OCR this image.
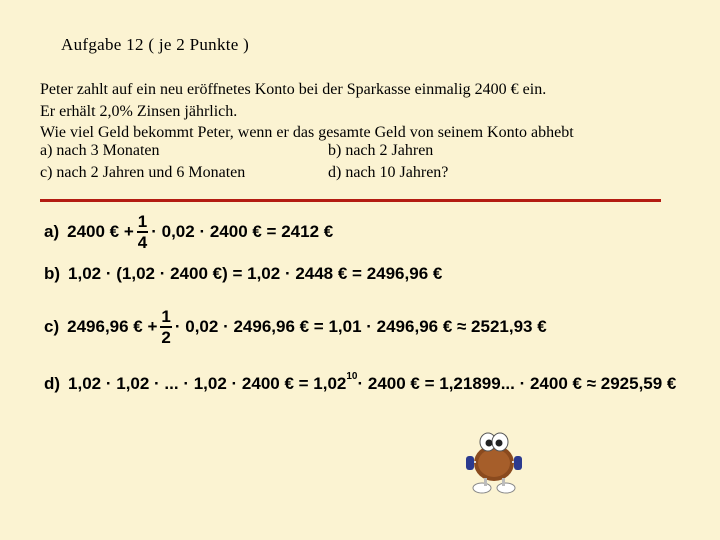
Aufgabe 12 ( je 2 Punkte )
Peter zahlt auf ein neu eröffnetes Konto bei der Sparkasse einmalig 2400 € ein.
Er erhält 2,0% Zinsen jährlich.
Wie viel Geld bekommt Peter, wenn er das gesamte Geld von seinem Konto abhebt
a) nach 3 Monaten	b) nach 2 Jahren
c) nach 2 Jahren und 6 Monaten	d) nach 10 Jahren?
a) 2400 € + $\frac{1}{4} \cdot 0,02 \cdot 2400$ € = 2412 €
b) 1,02 · (1,02 · 2400 €) = 1,02 · 2448 € = 2496,96 €
c) 2496,96 € + $\frac{1}{2} \cdot 0,02 \cdot 2496,96$ € = 1,01 · 2496,96 € ≈ 2521,93 €
d) 1,02 · 1,02 · ... · 1,02 · 2400 € = 1,02 10 · 2400 € = 1,21899... · 2400 € ≈ 2925,59 €
